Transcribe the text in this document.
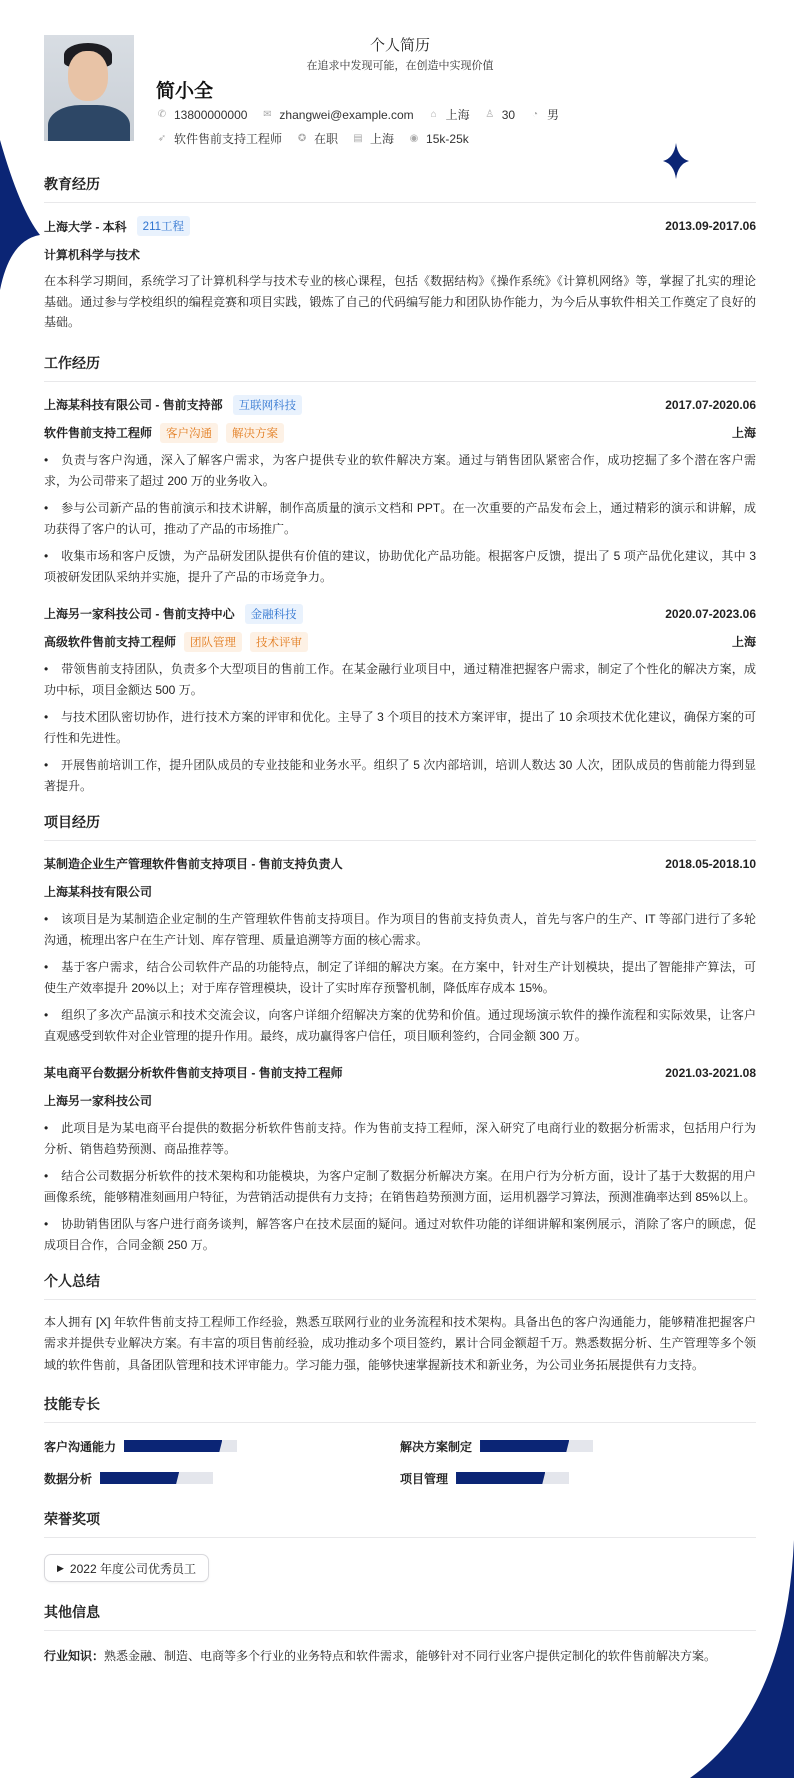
个人简历
在追求中发现可能，在创造中实现价值
简小全
✆ 13800000000 ✉ zhangwei@example.com ⌂ 上海 ♙ 30 ◔ 男
➶ 软件售前支持工程师 ✪ 在职 ▤ 上海 ◉ 15k-25k
教育经历
上海大学 - 本科	211工程	2013.09-2017.06
计算机科学与技术

在本科学习期间，系统学习了计算机科学与技术专业的核心课程，包括《数据结构》《操作系统》《计算机网络》等，掌握了扎实的理论基础。通过参与学校组织的编程竞赛和项目实践，锻炼了自己的代码编写能力和团队协作能力，为今后从事软件相关工作奠定了良好的基础。

工作经历
上海某科技有限公司 - 售前支持部	互联网科技	2017.07-2020.06
软件售前支持工程师	客户沟通	解决方案	上海
• 负责与客户沟通，深入了解客户需求，为客户提供专业的软件解决方案。通过与销售团队紧密合作，成功挖掘了多个潜在客户需求，为公司带来了超过 200 万的业务收入。
• 参与公司新产品的售前演示和技术讲解，制作高质量的演示文档和 PPT。在一次重要的产品发布会上，通过精彩的演示和讲解，成功获得了客户的认可，推动了产品的市场推广。
• 收集市场和客户反馈，为产品研发团队提供有价值的建议，协助优化产品功能。根据客户反馈，提出了 5 项产品优化建议，其中 3 项被研发团队采纳并实施，提升了产品的市场竞争力。
上海另一家科技公司 - 售前支持中心	金融科技	2020.07-2023.06
高级软件售前支持工程师	团队管理	技术评审	上海
• 带领售前支持团队，负责多个大型项目的售前工作。在某金融行业项目中，通过精准把握客户需求，制定了个性化的解决方案，成功中标，项目金额达 500 万。
• 与技术团队密切协作，进行技术方案的评审和优化。主导了 3 个项目的技术方案评审，提出了 10 余项技术优化建议，确保方案的可行性和先进性。
• 开展售前培训工作，提升团队成员的专业技能和业务水平。组织了 5 次内部培训，培训人数达 30 人次，团队成员的售前能力得到显著提升。
项目经历
某制造企业生产管理软件售前支持项目 - 售前支持负责人	2018.05-2018.10
上海某科技有限公司
• 该项目是为某制造企业定制的生产管理软件售前支持项目。作为项目的售前支持负责人，首先与客户的生产、IT 等部门进行了多轮沟通，梳理出客户在生产计划、库存管理、质量追溯等方面的核心需求。
• 基于客户需求，结合公司软件产品的功能特点，制定了详细的解决方案。在方案中，针对生产计划模块，提出了智能排产算法，可使生产效率提升 20%以上；对于库存管理模块，设计了实时库存预警机制，降低库存成本 15%。
• 组织了多次产品演示和技术交流会议，向客户详细介绍解决方案的优势和价值。通过现场演示软件的操作流程和实际效果，让客户直观感受到软件对企业管理的提升作用。最终，成功赢得客户信任，项目顺利签约，合同金额 300 万。
某电商平台数据分析软件售前支持项目 - 售前支持工程师	2021.03-2021.08
上海另一家科技公司
• 此项目是为某电商平台提供的数据分析软件售前支持。作为售前支持工程师，深入研究了电商行业的数据分析需求，包括用户行为分析、销售趋势预测、商品推荐等。
• 结合公司数据分析软件的技术架构和功能模块，为客户定制了数据分析解决方案。在用户行为分析方面，设计了基于大数据的用户画像系统，能够精准刻画用户特征，为营销活动提供有力支持；在销售趋势预测方面，运用机器学习算法，预测准确率达到 85%以上。
• 协助销售团队与客户进行商务谈判，解答客户在技术层面的疑问。通过对软件功能的详细讲解和案例展示，消除了客户的顾虑，促成项目合作，合同金额 250 万。
个人总结

本人拥有 [X] 年软件售前支持工程师工作经验，熟悉互联网行业的业务流程和技术架构。具备出色的客户沟通能力，能够精准把握客户需求并提供专业解决方案。有丰富的项目售前经验，成功推动多个项目签约，累计合同金额超千万。熟悉数据分析、生产管理等多个领域的软件售前，具备团队管理和技术评审能力。学习能力强，能够快速掌握新技术和新业务，为公司业务拓展提供有力支持。

技能专长
客户沟通能力	解决方案制定
数据分析	项目管理
荣誉奖项
▶ 2022 年度公司优秀员工
其他信息

行业知识：熟悉金融、制造、电商等多个行业的业务特点和软件需求，能够针对不同行业客户提供定制化的软件售前解决方案。
